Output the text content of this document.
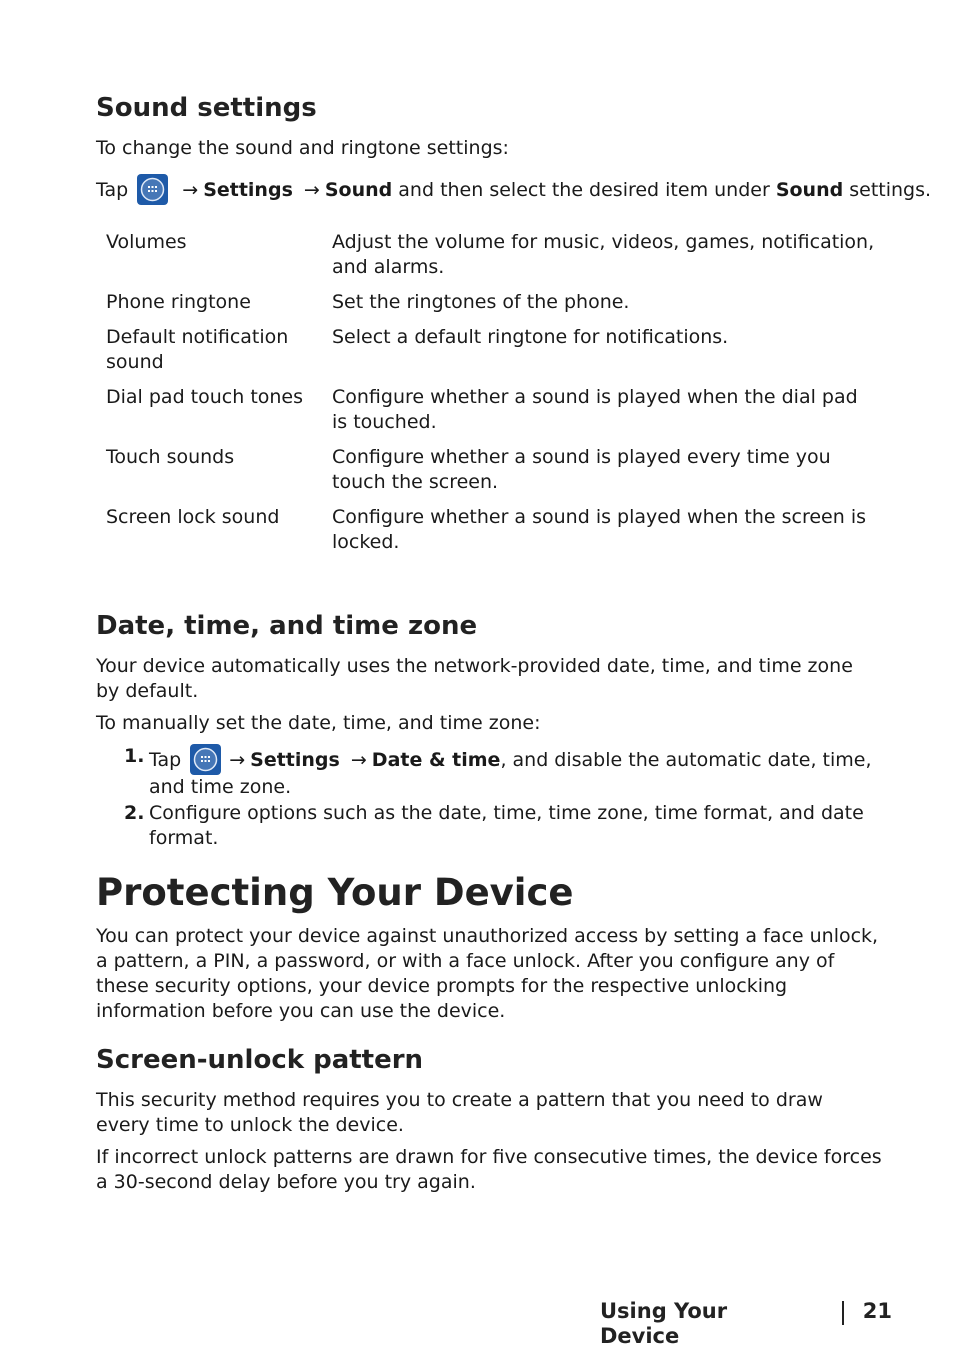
Sound settings

To change the sound and ringtone settings:

Tap	→ Settings → Sound and then select the desired item under Sound settings.

Volumes	Adjust the volume for music, videos, games, notification, and alarms.
Phone ringtone	Set the ringtones of the phone.
Default notification sound	Select a default ringtone for notifications.
Dial pad touch tones	Configure whether a sound is played when the dial pad is touched.
Touch sounds	Configure whether a sound is played every time you touch the screen.
Screen lock sound	Configure whether a sound is played when the screen is locked.
Date, time, and time zone

Your device automatically uses the network-provided date, time, and time zone by default.

To manually set the date, time, and time zone:

1. Tap	→ Settings → Date & time, and disable the automatic date, time, and time zone.
2. Configure options such as the date, time, time zone, time format, and date format.
Protecting Your Device

You can protect your device against unauthorized access by setting a face unlock, a pattern, a PIN, a password, or with a face unlock. After you configure any of these security options, your device prompts for the respective unlocking information before you can use the device.

Screen-unlock pattern

This security method requires you to create a pattern that you need to draw every time to unlock the device.

If incorrect unlock patterns are drawn for five consecutive times, the device forces a 30-second delay before you try again.

Using Your Device
21
